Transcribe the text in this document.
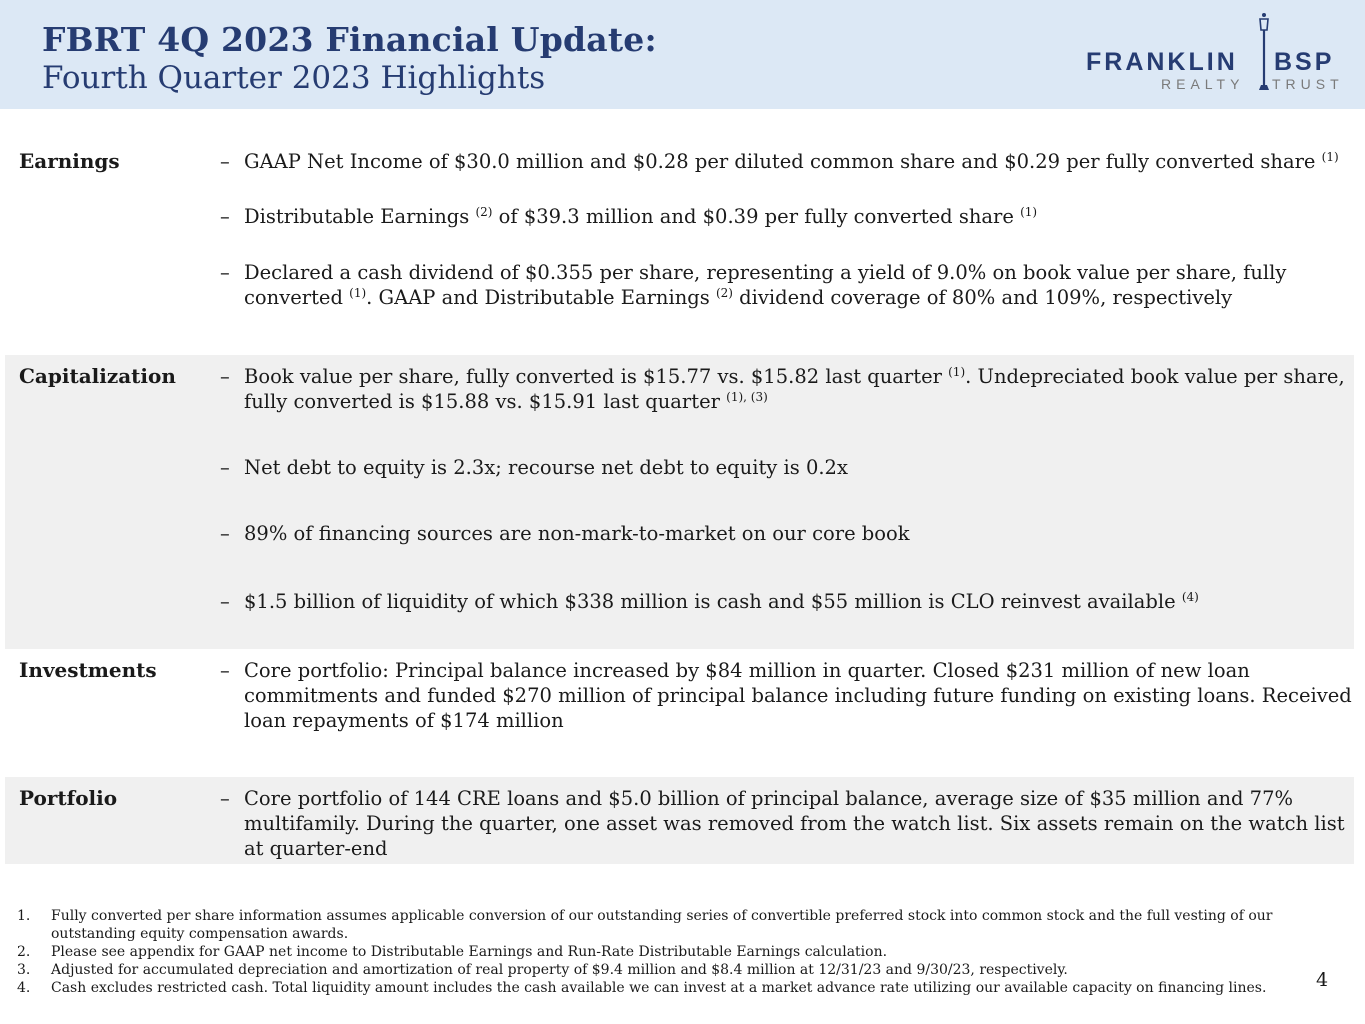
FBRT 4Q 2023 Financial Update:
Fourth Quarter 2023 Highlights	FRANKLIN BSP
REALTY TRUST
Earnings	– GAAP Net Income of $30.0 million and $0.28 per diluted common share and $0.29 per fully converted share $^{(1)}$
– Distributable Earnings $^{(2)}$ of $39.3 million and $0.39 per fully converted share $^{(1)}$
– Declared a cash dividend of $0.355 per share, representing a yield of 9.0% on book value per share, fully converted $^{(1)}$. GAAP and Distributable Earnings $^{(2)}$ dividend coverage of 80% and 109%, respectively
Capitalization – Book value per share, fully converted is $15.77 vs. $15.82 last quarter $^{(1)}$. Undepreciated book value per share, fully converted is $15.88 vs. $15.91 last quarter $^{(1), (3)}$
– Net debt to equity is 2.3x; recourse net debt to equity is 0.2x
– 89% of financing sources are non-mark-to-market on our core book
– $1.5 billion of liquidity of which $338 million is cash and $55 million is CLO reinvest available $^{(4)}$
Investments	– Core portfolio: Principal balance increased by $84 million in quarter. Closed $231 million of new loan commitments and funded $270 million of principal balance including future funding on existing loans. Received loan repayments of $174 million
Portfolio	– Core portfolio of 144 CRE loans and $5.0 billion of principal balance, average size of $35 million and 77% multifamily. During the quarter, one asset was removed from the watch list. Six assets remain on the watch list at quarter-end
1. Fully converted per share information assumes applicable conversion of our outstanding series of convertible preferred stock into common stock and the full vesting of our outstanding equity compensation awards.
2. Please see appendix for GAAP net income to Distributable Earnings and Run-Rate Distributable Earnings calculation.
3. Adjusted for accumulated depreciation and amortization of real property of $9.4 million and $8.4 million at 12/31/23 and 9/30/23, respectively.
4. Cash excludes restricted cash. Total liquidity amount includes the cash available we can invest at a market advance rate utilizing our available capacity on financing lines.	4
